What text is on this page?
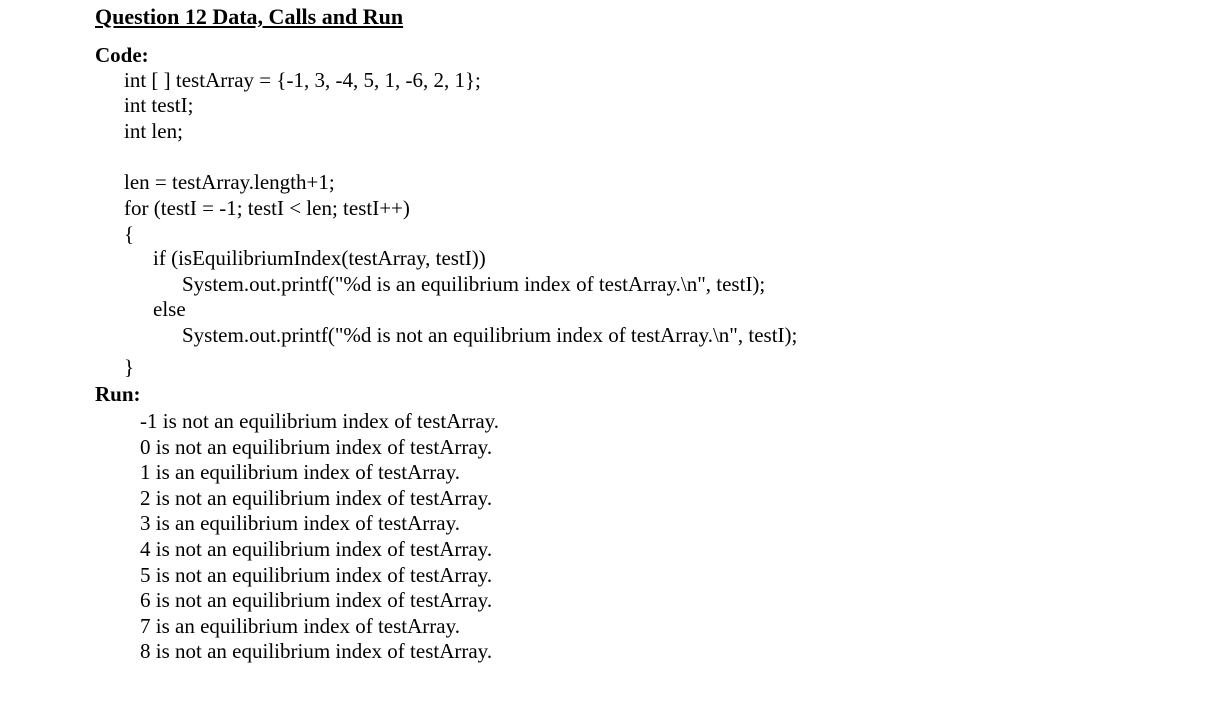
Question 12 Data, Calls and Run
Code:
int [ ] testArray = {-1, 3, -4, 5, 1, -6, 2, 1};
int testI;
int len;
len = testArray.length+1;
for (testI = -1; testI < len; testI++)
{
if (isEquilibriumIndex(testArray, testI))
System.out.printf("%d is an equilibrium index of testArray.\n", testI);
else
System.out.printf("%d is not an equilibrium index of testArray.\n", testI);
}
Run:
-1 is not an equilibrium index of testArray.
0 is not an equilibrium index of testArray.
1 is an equilibrium index of testArray.
2 is not an equilibrium index of testArray.
3 is an equilibrium index of testArray.
4 is not an equilibrium index of testArray.
5 is not an equilibrium index of testArray.
6 is not an equilibrium index of testArray.
7 is an equilibrium index of testArray.
8 is not an equilibrium index of testArray.
